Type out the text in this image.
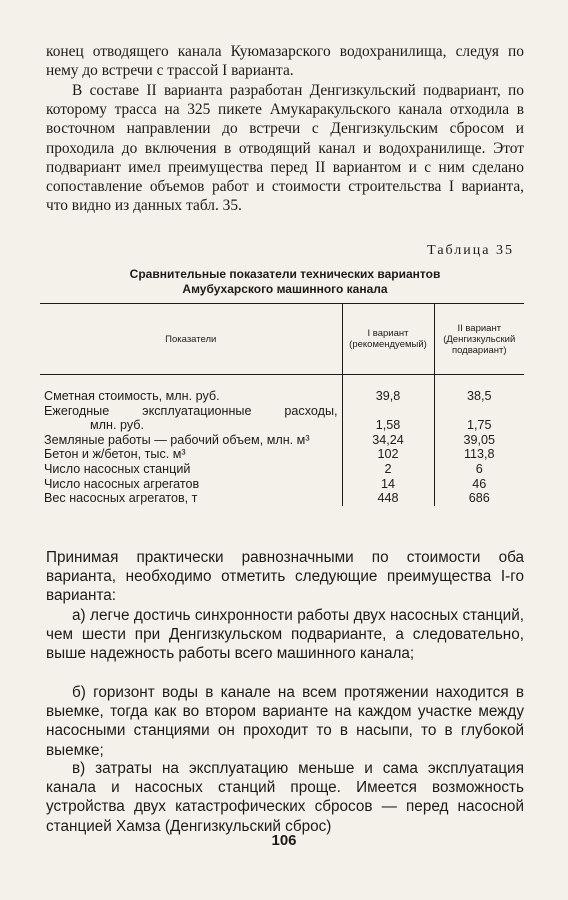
конец отводящего канала Куюмазарского водохранилища, следуя по нему до встречи с трассой I варианта.

В составе II варианта разработан Денгизкульский подвариант, по которому трасса на 325 пикете Амукаракульского канала отходила в восточном направлении до встречи с Денгизкульским сбросом и проходила до включения в отводящий канал и водохранилище. Этот подвариант имел преимущества перед II вариантом и с ним сделано сопоставление объемов работ и стоимости строительства I варианта, что видно из данных табл. 35.

Таблица 35
Сравнительные показатели технических вариантов
Амубухарского машинного канала
Показатели	I вариант (рекомендуемый)	II вариант (Денгизкульский подвариант)

Сметная стоимость, млн. руб.	39,8	38,5

Ежегодные эксплуатационные расходы,
млн. руб.	1,58	1,75

Земляные работы — рабочий объем, млн. м³	34,24	39,05

Бетон и ж/бетон, тыс. м³	102	113,8

Число насосных станций	2	6

Число насосных агрегатов	14	46

Вес насосных агрегатов, т	448	686

Принимая практически равнозначными по стоимости оба варианта, необходимо отметить следующие преимущества I-го варианта:

а) легче достичь синхронности работы двух насосных станций, чем шести при Денгизкульском подварианте, а следовательно, выше надежность работы всего машинного канала;

б) горизонт воды в канале на всем протяжении находится в выемке, тогда как во втором варианте на каждом участке между насосными станциями он проходит то в насыпи, то в глубокой выемке;

в) затраты на эксплуатацию меньше и сама эксплуатация канала и насосных станций проще. Имеется возможность устройства двух катастрофических сбросов — перед насосной станцией Хамза (Денгизкульский сброс)

106
